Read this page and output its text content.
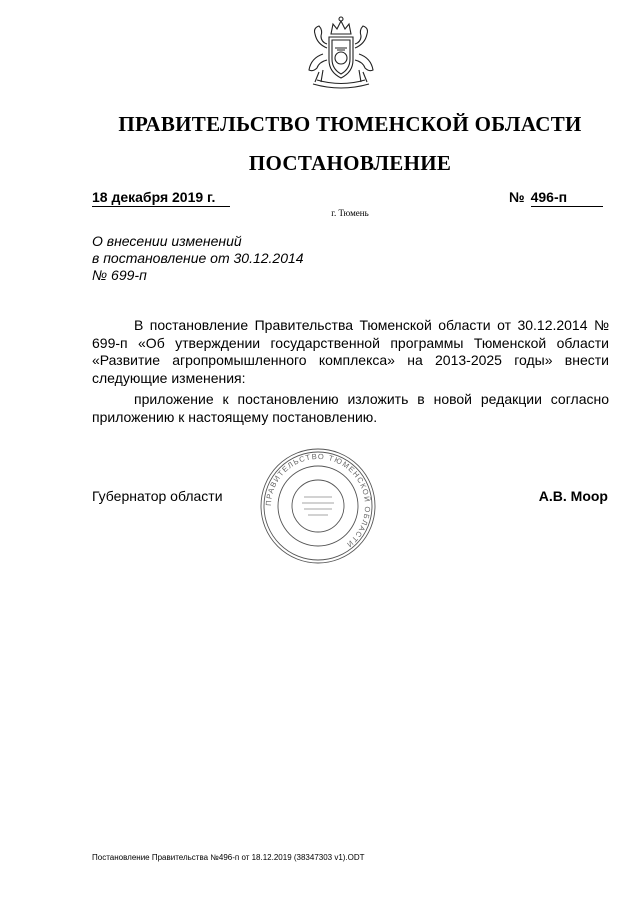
ПРАВИТЕЛЬСТВО ТЮМЕНСКОЙ ОБЛАСТИ
ПОСТАНОВЛЕНИЕ
18 декабря 2019 г.	№ 496-п
г. Тюмень
О внесении изменений
в постановление от 30.12.2014
№ 699-п

В постановление Правительства Тюменской области от 30.12.2014 № 699-п «Об утверждении государственной программы Тюменской области «Развитие агропромышленного комплекса» на 2013-2025 годы» внести следующие изменения:

приложение к постановлению изложить в новой редакции согласно приложению к настоящему постановлению.

Губернатор области	А.В. Моор
ПРАВИТЕЛЬСТВО ТЮМЕНСКОЙ ОБЛАСТИ
Постановление Правительства №496-п от 18.12.2019 (38347303 v1).ODT
